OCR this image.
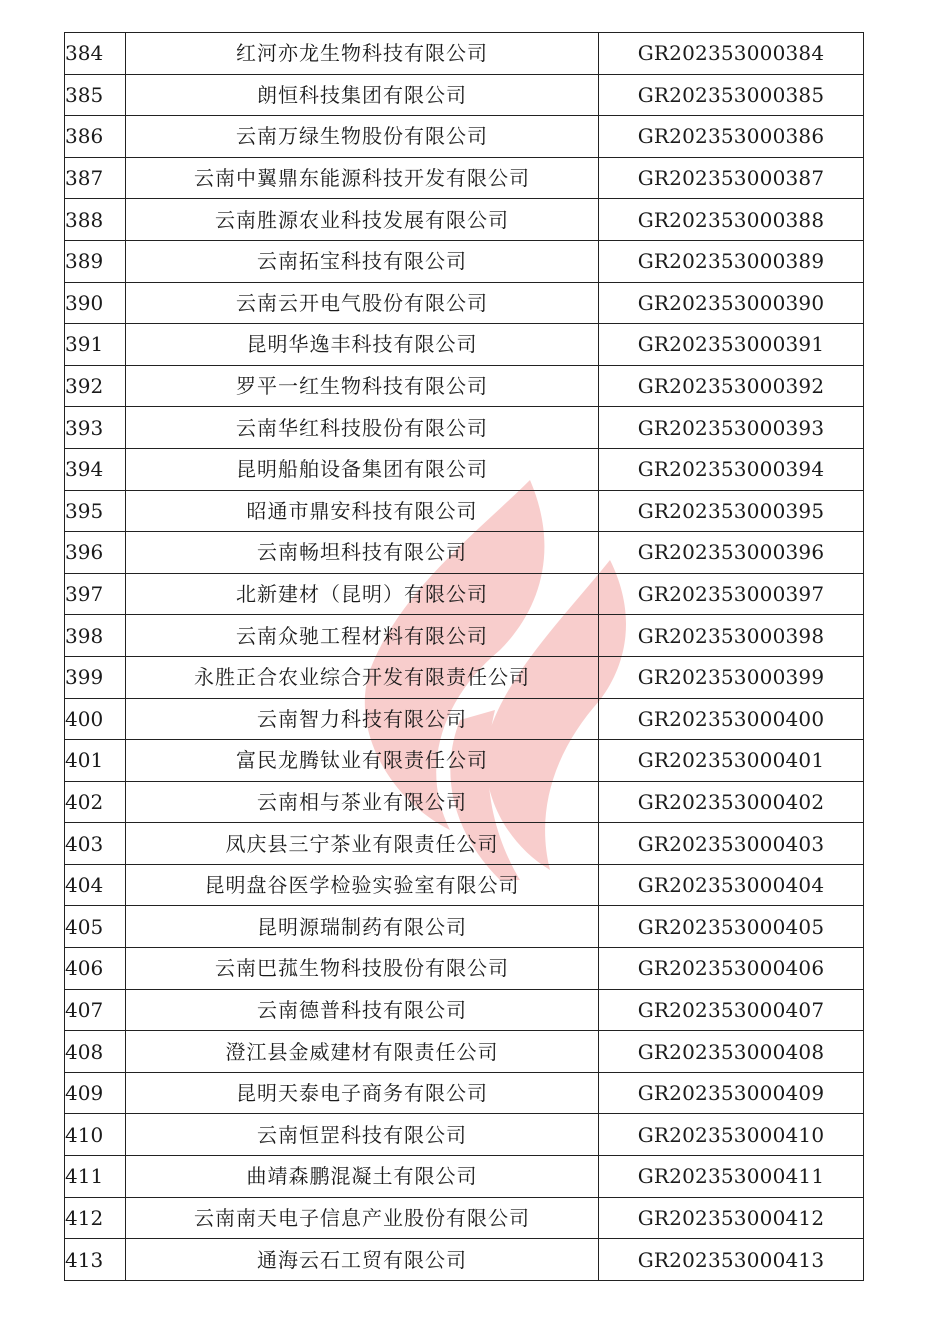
384	红河亦龙生物科技有限公司	GR202353000384
385	朗恒科技集团有限公司	GR202353000385
386	云南万绿生物股份有限公司	GR202353000386
387	云南中翼鼎东能源科技开发有限公司	GR202353000387
388	云南胜源农业科技发展有限公司	GR202353000388
389	云南拓宝科技有限公司	GR202353000389
390	云南云开电气股份有限公司	GR202353000390
391	昆明华逸丰科技有限公司	GR202353000391
392	罗平一红生物科技有限公司	GR202353000392
393	云南华红科技股份有限公司	GR202353000393
394	昆明船舶设备集团有限公司	GR202353000394
395	昭通市鼎安科技有限公司	GR202353000395
396	云南畅坦科技有限公司	GR202353000396
397	北新建材（昆明）有限公司	GR202353000397
398	云南众驰工程材料有限公司	GR202353000398
399	永胜正合农业综合开发有限责任公司	GR202353000399
400	云南智力科技有限公司	GR202353000400
401	富民龙腾钛业有限责任公司	GR202353000401
402	云南相与茶业有限公司	GR202353000402
403	凤庆县三宁茶业有限责任公司	GR202353000403
404	昆明盘谷医学检验实验室有限公司	GR202353000404
405	昆明源瑞制药有限公司	GR202353000405
406	云南巴菰生物科技股份有限公司	GR202353000406
407	云南德普科技有限公司	GR202353000407
408	澄江县金威建材有限责任公司	GR202353000408
409	昆明天泰电子商务有限公司	GR202353000409
410	云南恒罡科技有限公司	GR202353000410
411	曲靖森鹏混凝土有限公司	GR202353000411
412	云南南天电子信息产业股份有限公司	GR202353000412
413	通海云石工贸有限公司	GR202353000413
